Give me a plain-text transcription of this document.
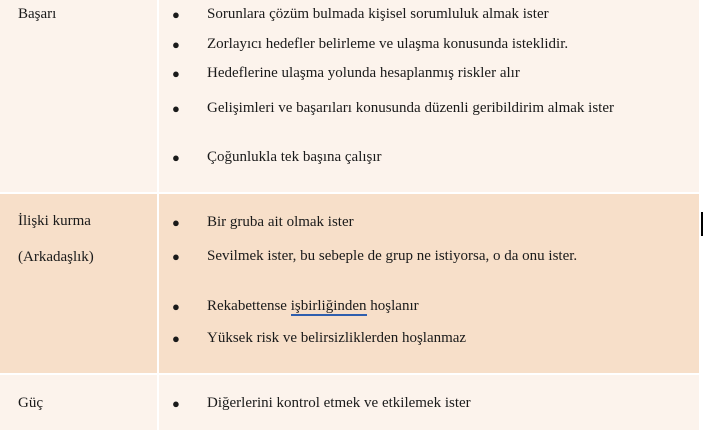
Başarı	● Sorunlara çözüm bulmada kişisel sorumluluk almak ister
● Zorlayıcı hedefler belirleme ve ulaşma konusunda isteklidir.
● Hedeflerine ulaşma yolunda hesaplanmış riskler alır
● Gelişimleri ve başarıları konusunda düzenli geribildirim almak ister
● Çoğunlukla tek başına çalışır
İlişki kurma
(Arkadaşlık)
● Bir gruba ait olmak ister
● Sevilmek ister, bu sebeple de grup ne istiyorsa, o da onu ister.
● Rekabettense işbirliğinden hoşlanır
● Yüksek risk ve belirsizliklerden hoşlanmaz
Güç	● Diğerlerini kontrol etmek ve etkilemek ister
